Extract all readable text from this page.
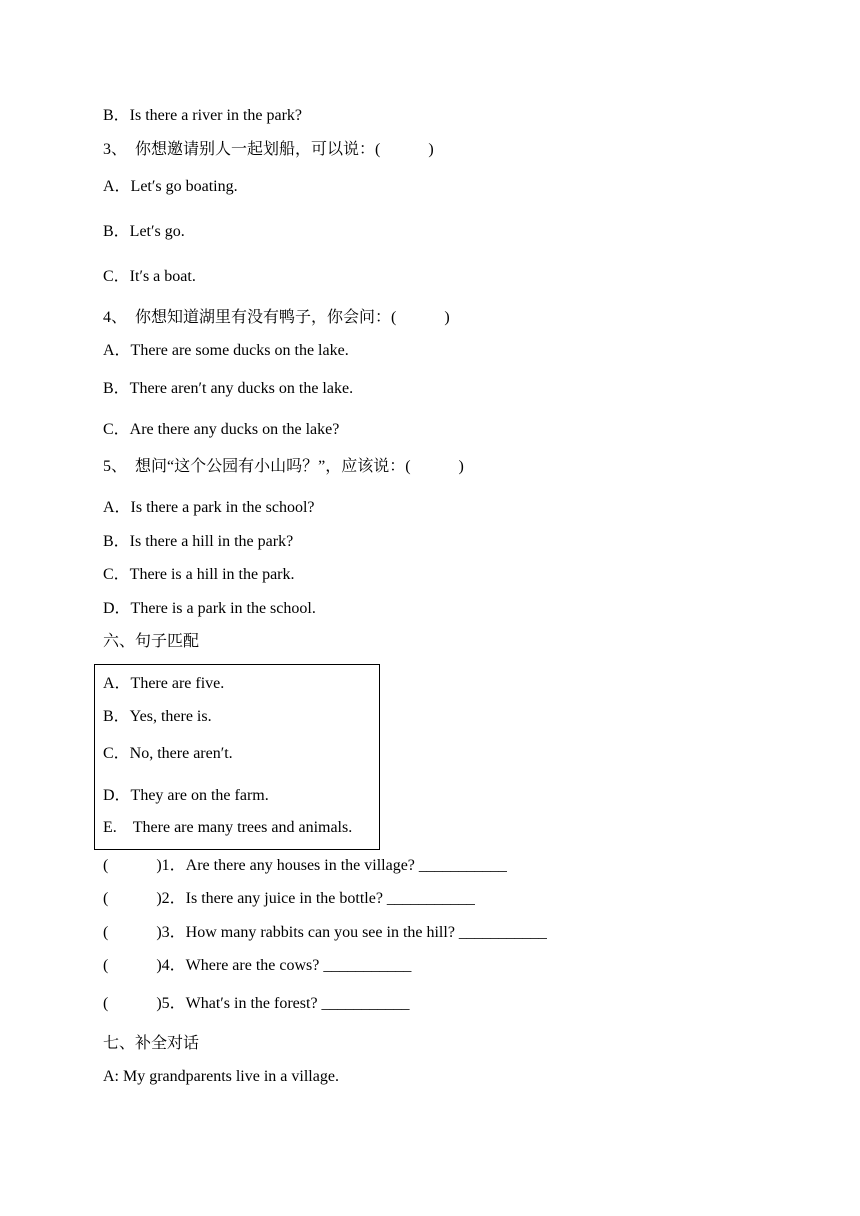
B．Is there a river in the park?
3、　你想邀请别人一起划船，可以说：(　　　)
A．Let′s go boating.
B．Let′s go.
C．It′s a boat.
4、　你想知道湖里有没有鸭子，你会问：(　　　)
A．There are some ducks on the lake.
B．There aren′t any ducks on the lake.
C．Are there any ducks on the lake?
5、　想问“这个公园有小山吗？”，应该说：(　　　)
A．Is there a park in the school?
B．Is there a hill in the park?
C．There is a hill in the park.
D．There is a park in the school.
六、句子匹配
A．There are five.
B．Yes, there is.
C．No, there aren′t.
D．They are on the farm.
E.　There are many trees and animals.
(　　　)1．Are there any houses in the village? ___________
(　　　)2．Is there any juice in the bottle? ___________
(　　　)3．How many rabbits can you see in the hill? ___________
(　　　)4．Where are the cows? ___________
(　　　)5．What′s in the forest? ___________
七、补全对话
A: My grandparents live in a village.
